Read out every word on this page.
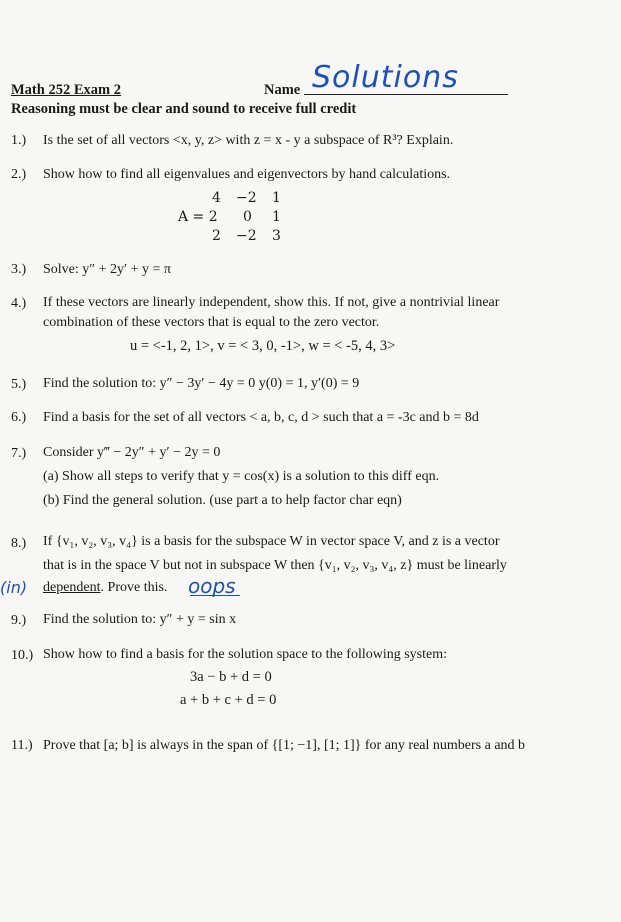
Math 252 Exam 2	Name Solutions
Reasoning must be clear and sound to receive full credit
1.) Is the set of all vectors <x, y, z> with z = x - y a subspace of R³? Explain.
2.) Show how to find all eigenvalues and eigenvectors by hand calculations.
4 −2 1
A = 2 0 1
2 −2 3
3.) Solve: y″ + 2y′ + y = π
4.) If these vectors are linearly independent, show this. If not, give a nontrivial linear
combination of these vectors that is equal to the zero vector.
u = <-1, 2, 1>, v = < 3, 0, -1>, w = < -5, 4, 3>
5.) Find the solution to: y″ − 3y′ − 4y = 0 y(0) = 1, y′(0) = 9
6.) Find a basis for the set of all vectors < a, b, c, d > such that a = -3c and b = 8d
7.) Consider y‴ − 2y″ + y′ − 2y = 0
(a) Show all steps to verify that y = cos(x) is a solution to this diff eqn.
(b) Find the general solution. (use part a to help factor char eqn)
8.) If {v₁, v₂, v₃, v₄} is a basis for the subspace W in vector space V, and z is a vector
that is in the space V but not in subspace W then {v₁, v₂, v₃, v₄, z} must be linearly
dependent. Prove this.
(in)	oops
9.) Find the solution to: y″ + y = sin x
10.) Show how to find a basis for the solution space to the following system:
3a − b + d = 0
a + b + c + d = 0
11.) Prove that [a; b] is always in the span of {[1; −1], [1; 1]} for any real numbers a and b
